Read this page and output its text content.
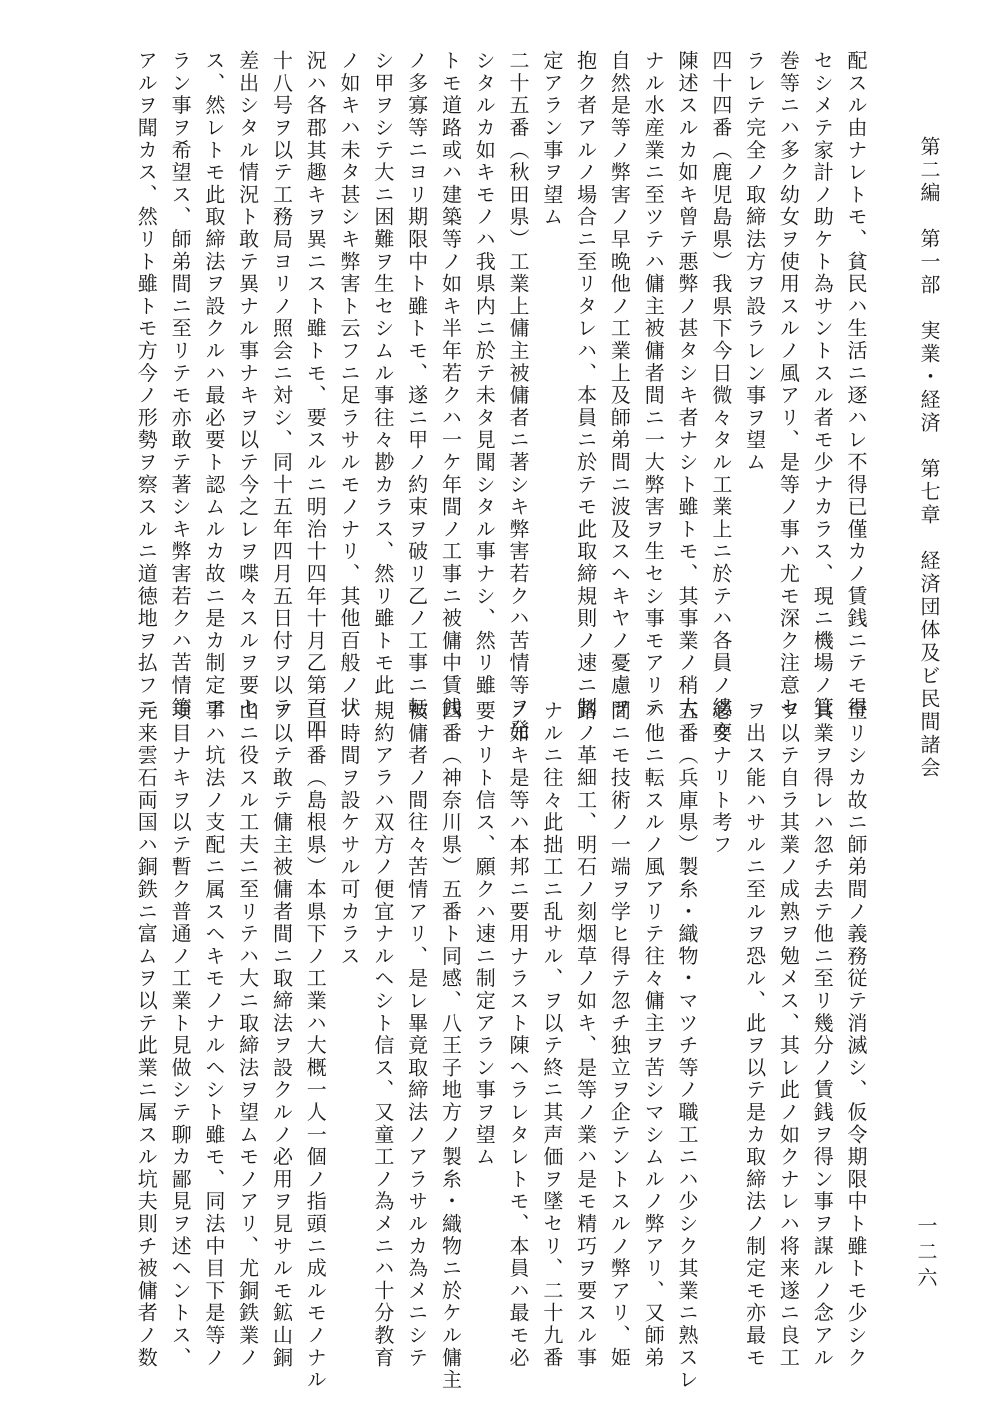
第二編　第一部　実業・経済　第七章　経済団体及ビ民間諸会
一二六
配スル由ナレトモ、貧民ハ生活ニ逐ハレ不得已僅カノ賃銭ニテモ得
セシメテ家計ノ助ケト為サントスル者モ少ナカラス、現ニ機場ノ管
巻等ニハ多ク幼女ヲ使用スルノ風アリ、是等ノ事ハ尤モ深ク注意セ
ラレテ完全ノ取締法方ヲ設ラレン事ヲ望ム
四十四番（鹿児島県）我県下今日微々タル工業上ニ於テハ各員ノ縷々
陳述スルカ如キ曾テ悪弊ノ甚タシキ者ナシト雖トモ、其事業ノ稍大
ナル水産業ニ至ツテハ傭主被傭者間ニ一大弊害ヲ生セシ事モアリテ
自然是等ノ弊害ノ早晩他ノ工業上及師弟間ニ波及スヘキヤノ憂慮ヲ
抱ク者アルノ場合ニ至リタレハ、本員ニ於テモ此取締規則ノ速ニ制
定アラン事ヲ望ム
二十五番（秋田県）工業上傭主被傭者ニ著シキ弊害若クハ苦情等ヲ発
シタルカ如キモノハ我県内ニ於テ未タ見聞シタル事ナシ、然リ雖
トモ道路或ハ建築等ノ如キ半年若クハ一ケ年間ノ工事ニ被傭中賃銭
ノ多寡等ニヨリ期限中ト雖トモ、遂ニ甲ノ約束ヲ破リ乙ノ工事ニ転
シ甲ヲシテ大ニ困難ヲ生セシムル事往々尠カラス、然リ雖トモ此
ノ如キハ未タ甚シキ弊害ト云フニ足ラサルモノナリ、其他百般ノ状
況ハ各郡其趣キヲ異ニスト雖トモ、要スルニ明治十四年十月乙第百四
十八号ヲ以テ工務局ヨリノ照会ニ対シ、同十五年四月五日付ヲ以テ
差出シタル情況ト敢テ異ナル事ナキヲ以テ今之レヲ喋々スルヲ要セ
ス、然レトモ此取締法ヲ設クルハ最必要ト認ムルカ故ニ是カ制定ア
ラン事ヲ希望ス、師弟間ニ至リテモ亦敢テ著シキ弊害若クハ苦情等
アルヲ聞カス、然リト雖トモ方今ノ形勢ヲ察スルニ道徳地ヲ払フニ
至リシカ故ニ師弟間ノ義務従テ消滅シ、仮令期限中ト雖トモ少シク
其業ヲ得レハ忽チ去テ他ニ至リ幾分ノ賃銭ヲ得ン事ヲ謀ルノ念アル
ヲ以テ自ラ其業ノ成熟ヲ勉メス、其レ此ノ如クナレハ将来遂ニ良工
ヲ出ス能ハサルニ至ルヲ恐ル、此ヲ以テ是カ取締法ノ制定モ亦最モ
必要ナリト考フ
五番（兵庫県）製糸・織物・マツチ等ノ職工ニハ少シク其業ニ熟スレ
ハ他ニ転スルノ風アリテ往々傭主ヲ苦シマシムルノ弊アリ、又師弟
間ニモ技術ノ一端ヲ学ヒ得テ忽チ独立ヲ企テントスルノ弊アリ、姫
路ノ革細工、明石ノ刻烟草ノ如キ、是等ノ業ハ是モ精巧ヲ要スル事
ナルニ往々此拙工ニ乱サル、ヲ以テ終ニ其声価ヲ墜セリ、二十九番
ノ如キ是等ハ本邦ニ要用ナラスト陳ヘラレタレトモ、本員ハ最モ必
要ナリト信ス、願クハ速ニ制定アラン事ヲ望ム
四番（神奈川県）五番ト同感、八王子地方ノ製糸・織物ニ於ケル傭主
被傭者ノ間往々苦情アリ、是レ畢竟取締法ノアラサルカ為メニシテ
規約アラハ双方ノ便宜ナルヘシト信ス、又童工ノ為メニハ十分教育
ノ時間ヲ設ケサル可カラス
三十番（島根県）本県下ノ工業ハ大概一人一個ノ指頭ニ成ルモノナル
ヲ以テ敢テ傭主被傭者間ニ取締法ヲ設クルノ必用ヲ見サルモ鉱山銅
山ニ役スル工夫ニ至リテハ大ニ取締法ヲ望ムモノアリ、尤銅鉄業ノ
事ハ坑法ノ支配ニ属スヘキモノナルヘシト雖モ、同法中目下是等ノ
項目ナキヲ以テ暫ク普通ノ工業ト見做シテ聊カ鄙見ヲ述ヘントス、
元来雲石両国ハ銅鉄ニ富ムヲ以テ此業ニ属スル坑夫則チ被傭者ノ数
